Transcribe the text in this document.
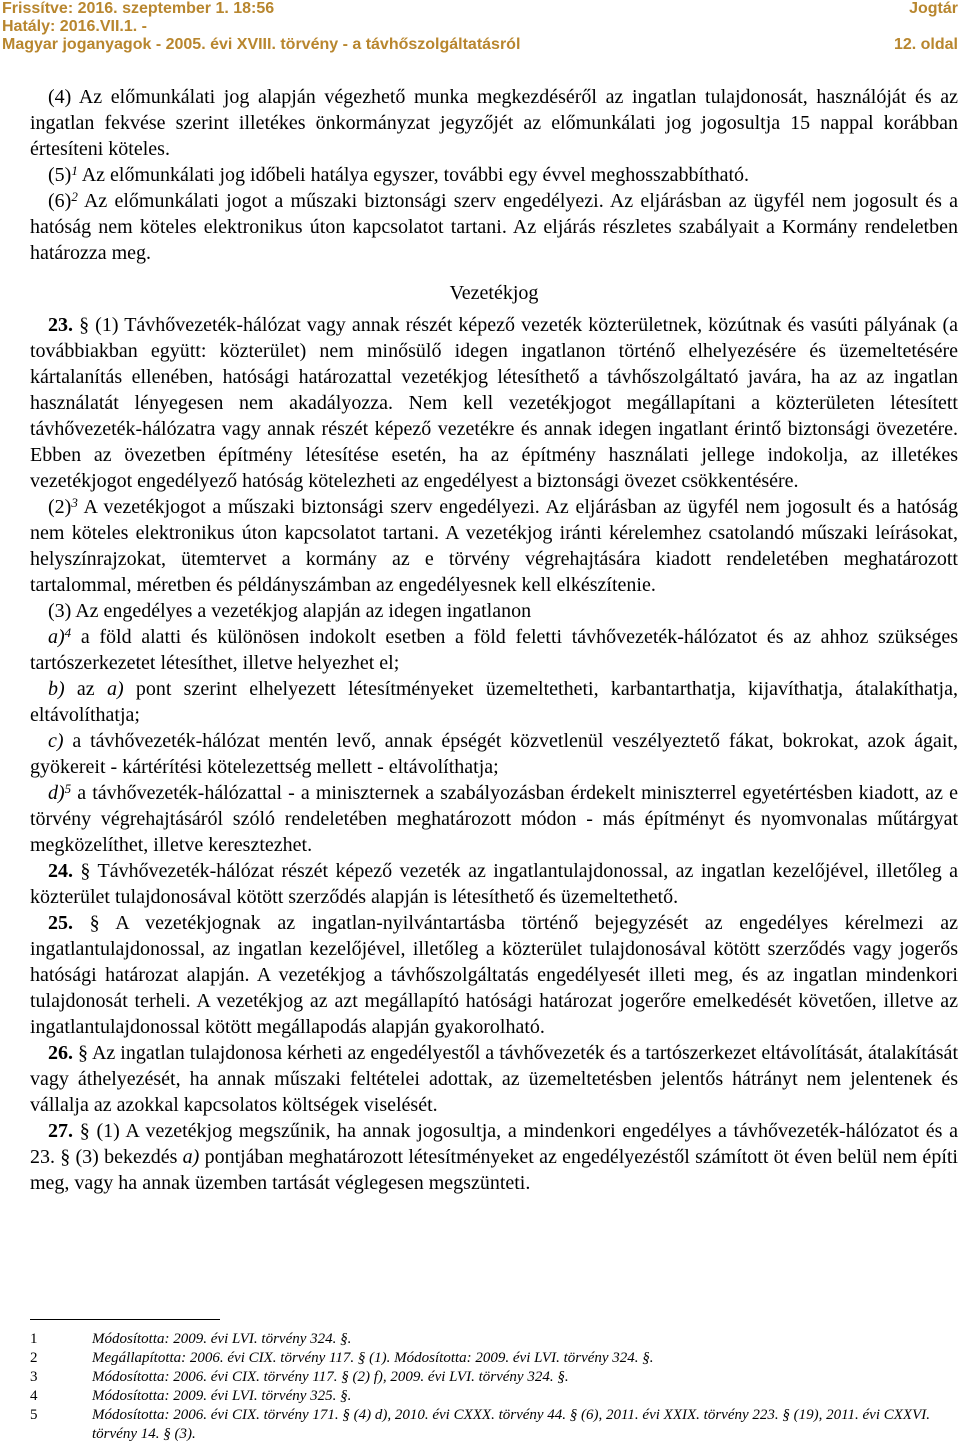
Frissítve: 2016. szeptember 1. 18:56	Jogtár
Hatály: 2016.VII.1. -
Magyar joganyagok - 2005. évi XVIII. törvény - a távhőszolgáltatásról	12. oldal

(4) Az előmunkálati jog alapján végezhető munka megkezdéséről az ingatlan tulajdonosát, használóját és az ingatlan fekvése szerint illetékes önkormányzat jegyzőjét az előmunkálati jog jogosultja 15 nappal korábban értesíteni köteles.

$(5)^1$ Az előmunkálati jog időbeli hatálya egyszer, további egy évvel meghosszabbítható.

$(6)^2$ Az előmunkálati jogot a műszaki biztonsági szerv engedélyezi. Az eljárásban az ügyfél nem jogosult és a hatóság nem köteles elektronikus úton kapcsolatot tartani. Az eljárás részletes szabályait a Kormány rendeletben határozza meg.

Vezetékjog

23. § (1) Távhővezeték-hálózat vagy annak részét képező vezeték közterületnek, közútnak és vasúti pályának (a továbbiakban együtt: közterület) nem minősülő idegen ingatlanon történő elhelyezésére és üzemeltetésére kártalanítás ellenében, hatósági határozattal vezetékjog létesíthető a távhőszolgáltató javára, ha az az ingatlan használatát lényegesen nem akadályozza. Nem kell vezetékjogot megállapítani a közterületen létesített távhővezeték-hálózatra vagy annak részét képező vezetékre és annak idegen ingatlant érintő biztonsági övezetére. Ebben az övezetben építmény létesítése esetén, ha az építmény használati jellege indokolja, az illetékes vezetékjogot engedélyező hatóság kötelezheti az engedélyest a biztonsági övezet csökkentésére.

$(2)^3$ A vezetékjogot a műszaki biztonsági szerv engedélyezi. Az eljárásban az ügyfél nem jogosult és a hatóság nem köteles elektronikus úton kapcsolatot tartani. A vezetékjog iránti kérelemhez csatolandó műszaki leírásokat, helyszínrajzokat, ütemtervet a kormány az e törvény végrehajtására kiadott rendeletében meghatározott tartalommal, méretben és példányszámban az engedélyesnek kell elkészítenie.

(3) Az engedélyes a vezetékjog alapján az idegen ingatlanon

a)$^4$ a föld alatti és különösen indokolt esetben a föld feletti távhővezeték-hálózatot és az ahhoz szükséges tartószerkezetet létesíthet, illetve helyezhet el;

b) az a) pont szerint elhelyezett létesítményeket üzemeltetheti, karbantarthatja, kijavíthatja, átalakíthatja, eltávolíthatja;

c) a távhővezeték-hálózat mentén levő, annak épségét közvetlenül veszélyeztető fákat, bokrokat, azok ágait, gyökereit - kártérítési kötelezettség mellett - eltávolíthatja;

d)$^5$ a távhővezeték-hálózattal - a miniszternek a szabályozásban érdekelt miniszterrel egyetértésben kiadott, az e törvény végrehajtásáról szóló rendeletében meghatározott módon - más építményt és nyomvonalas műtárgyat megközelíthet, illetve keresztezhet.

24. § Távhővezeték-hálózat részét képező vezeték az ingatlantulajdonossal, az ingatlan kezelőjével, illetőleg a közterület tulajdonosával kötött szerződés alapján is létesíthető és üzemeltethető.

25. § A vezetékjognak az ingatlan-nyilvántartásba történő bejegyzését az engedélyes kérelmezi az ingatlantulajdonossal, az ingatlan kezelőjével, illetőleg a közterület tulajdonosával kötött szerződés vagy jogerős hatósági határozat alapján. A vezetékjog a távhőszolgáltatás engedélyesét illeti meg, és az ingatlan mindenkori tulajdonosát terheli. A vezetékjog az azt megállapító hatósági határozat jogerőre emelkedését követően, illetve az ingatlantulajdonossal kötött megállapodás alapján gyakorolható.

26. § Az ingatlan tulajdonosa kérheti az engedélyestől a távhővezeték és a tartószerkezet eltávolítását, átalakítását vagy áthelyezését, ha annak műszaki feltételei adottak, az üzemeltetésben jelentős hátrányt nem jelentenek és vállalja az azokkal kapcsolatos költségek viselését.

27. § (1) A vezetékjog megszűnik, ha annak jogosultja, a mindenkori engedélyes a távhővezeték-hálózatot és a 23. § (3) bekezdés a) pontjában meghatározott létesítményeket az engedélyezéstől számított öt éven belül nem építi meg, vagy ha annak üzemben tartását véglegesen megszünteti.

1	Módosította: 2009. évi LVI. törvény 324. §.
2	Megállapította: 2006. évi CIX. törvény 117. § (1). Módosította: 2009. évi LVI. törvény 324. §.
3	Módosította: 2006. évi CIX. törvény 117. § (2) f), 2009. évi LVI. törvény 324. §.
4	Módosította: 2009. évi LVI. törvény 325. §.
5	Módosította: 2006. évi CIX. törvény 171. § (4) d), 2010. évi CXXX. törvény 44. § (6), 2011. évi XXIX. törvény 223. § (19), 2011. évi CXXVI. törvény 14. § (3).
